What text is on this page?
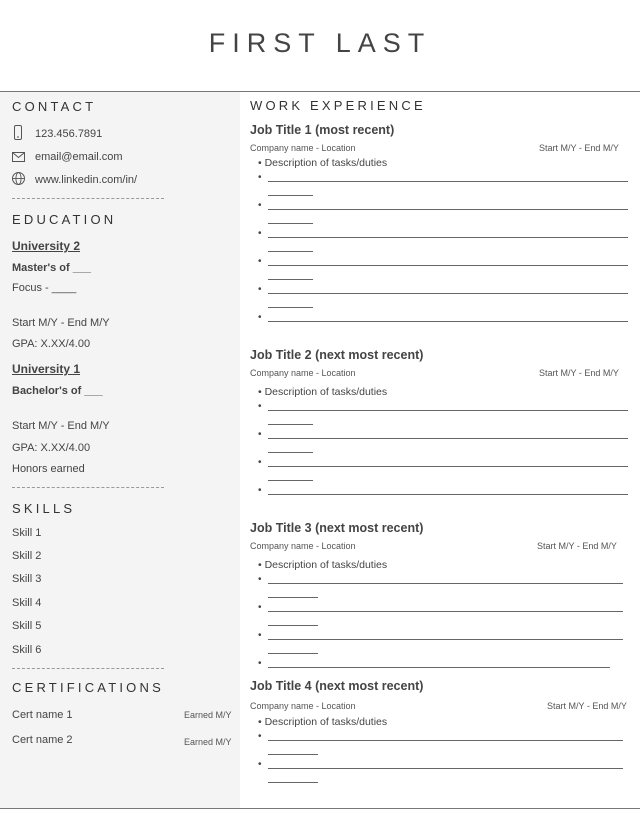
FIRST LAST
CONTACT
123.456.7891
email@email.com
www.linkedin.com/in/
EDUCATION
University 2
Master's of ___
Focus - ____
Start M/Y - End M/Y
GPA: X.XX/4.00
University 1
Bachelor's of ___
Start M/Y - End M/Y
GPA: X.XX/4.00
Honors earned
SKILLS
Skill 1
Skill 2
Skill 3
Skill 4
Skill 5
Skill 6
CERTIFICATIONS
Cert name 1	Earned M/Y
Cert name 2	Earned M/Y
WORK EXPERIENCE
Job Title 1 (most recent)
Company name - Location	Start M/Y - End M/Y
• Description of tasks/duties
•
•
•
•
•
•
Job Title 2 (next most recent)
Company name - Location	Start M/Y - End M/Y
• Description of tasks/duties
•
•
•
•
Job Title 3 (next most recent)
Company name - Location	Start M/Y - End M/Y
• Description of tasks/duties
•
•
•
•
Job Title 4 (next most recent)
Company name - Location	Start M/Y - End M/Y
• Description of tasks/duties
•
•
